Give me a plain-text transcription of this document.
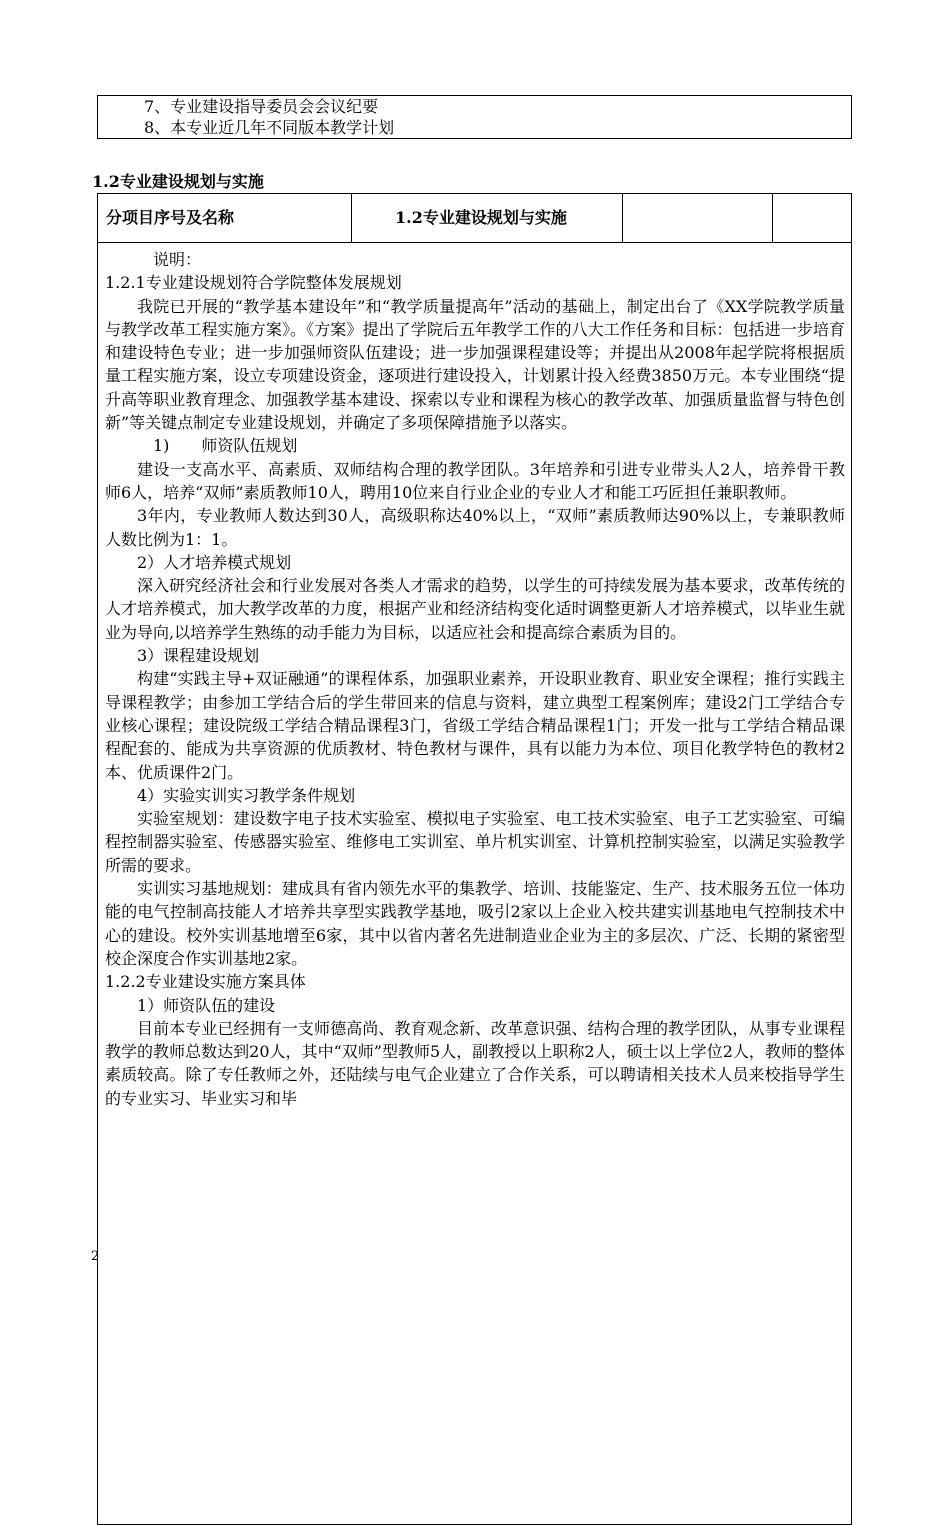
7、专业建设指导委员会会议纪要
8、本专业近几年不同版本教学计划
1.2专业建设规划与实施
分项目序号及名称	1.2专业建设规划与实施

说明：

1.2.1专业建设规划符合学院整体发展规划

我院已开展的“教学基本建设年”和“教学质量提高年”活动的基础上，制定出台了《XX学院教学质量与教学改革工程实施方案》。《方案》提出了学院后五年教学工作的八大工作任务和目标：包括进一步培育和建设特色专业；进一步加强师资队伍建设；进一步加强课程建设等；并提出从2008年起学院将根据质量工程实施方案，设立专项建设资金，逐项进行建设投入，计划累计投入经费3850万元。本专业围绕“提升高等职业教育理念、加强教学基本建设、探索以专业和课程为核心的教学改革、加强质量监督与特色创新”等关键点制定专业建设规划，并确定了多项保障措施予以落实。

1)　　师资队伍规划

建设一支高水平、高素质、双师结构合理的教学团队。3年培养和引进专业带头人2人，培养骨干教师6人，培养“双师”素质教师10人，聘用10位来自行业企业的专业人才和能工巧匠担任兼职教师。

3年内，专业教师人数达到30人，高级职称达40%以上，“双师”素质教师达90%以上，专兼职教师人数比例为1：1。

2）人才培养模式规划

深入研究经济社会和行业发展对各类人才需求的趋势，以学生的可持续发展为基本要求，改革传统的人才培养模式，加大教学改革的力度，根据产业和经济结构变化适时调整更新人才培养模式，以毕业生就业为导向,以培养学生熟练的动手能力为目标，以适应社会和提高综合素质为目的。

3）课程建设规划

构建“实践主导+双证融通”的课程体系，加强职业素养，开设职业教育、职业安全课程；推行实践主导课程教学；由参加工学结合后的学生带回来的信息与资料，建立典型工程案例库；建设2门工学结合专业核心课程；建设院级工学结合精品课程3门，省级工学结合精品课程1门；开发一批与工学结合精品课程配套的、能成为共享资源的优质教材、特色教材与课件，具有以能力为本位、项目化教学特色的教材2本、优质课件2门。

4）实验实训实习教学条件规划

实验室规划：建设数字电子技术实验室、模拟电子实验室、电工技术实验室、电子工艺实验室、可编程控制器实验室、传感器实验室、维修电工实训室、单片机实训室、计算机控制实验室，以满足实验教学所需的要求。

实训实习基地规划：建成具有省内领先水平的集教学、培训、技能鉴定、生产、技术服务五位一体功能的电气控制高技能人才培养共享型实践教学基地，吸引2家以上企业入校共建实训基地电气控制技术中心的建设。校外实训基地增至6家，其中以省内著名先进制造业企业为主的多层次、广泛、长期的紧密型校企深度合作实训基地2家。

1.2.2专业建设实施方案具体

1）师资队伍的建设

目前本专业已经拥有一支师德高尚、教育观念新、改革意识强、结构合理的教学团队，从事专业课程教学的教师总数达到20人，其中“双师”型教师5人，副教授以上职称2人，硕士以上学位2人，教师的整体素质较高。除了专任教师之外，还陆续与电气企业建立了合作关系，可以聘请相关技术人员来校指导学生的专业实习、毕业实习和毕

2
